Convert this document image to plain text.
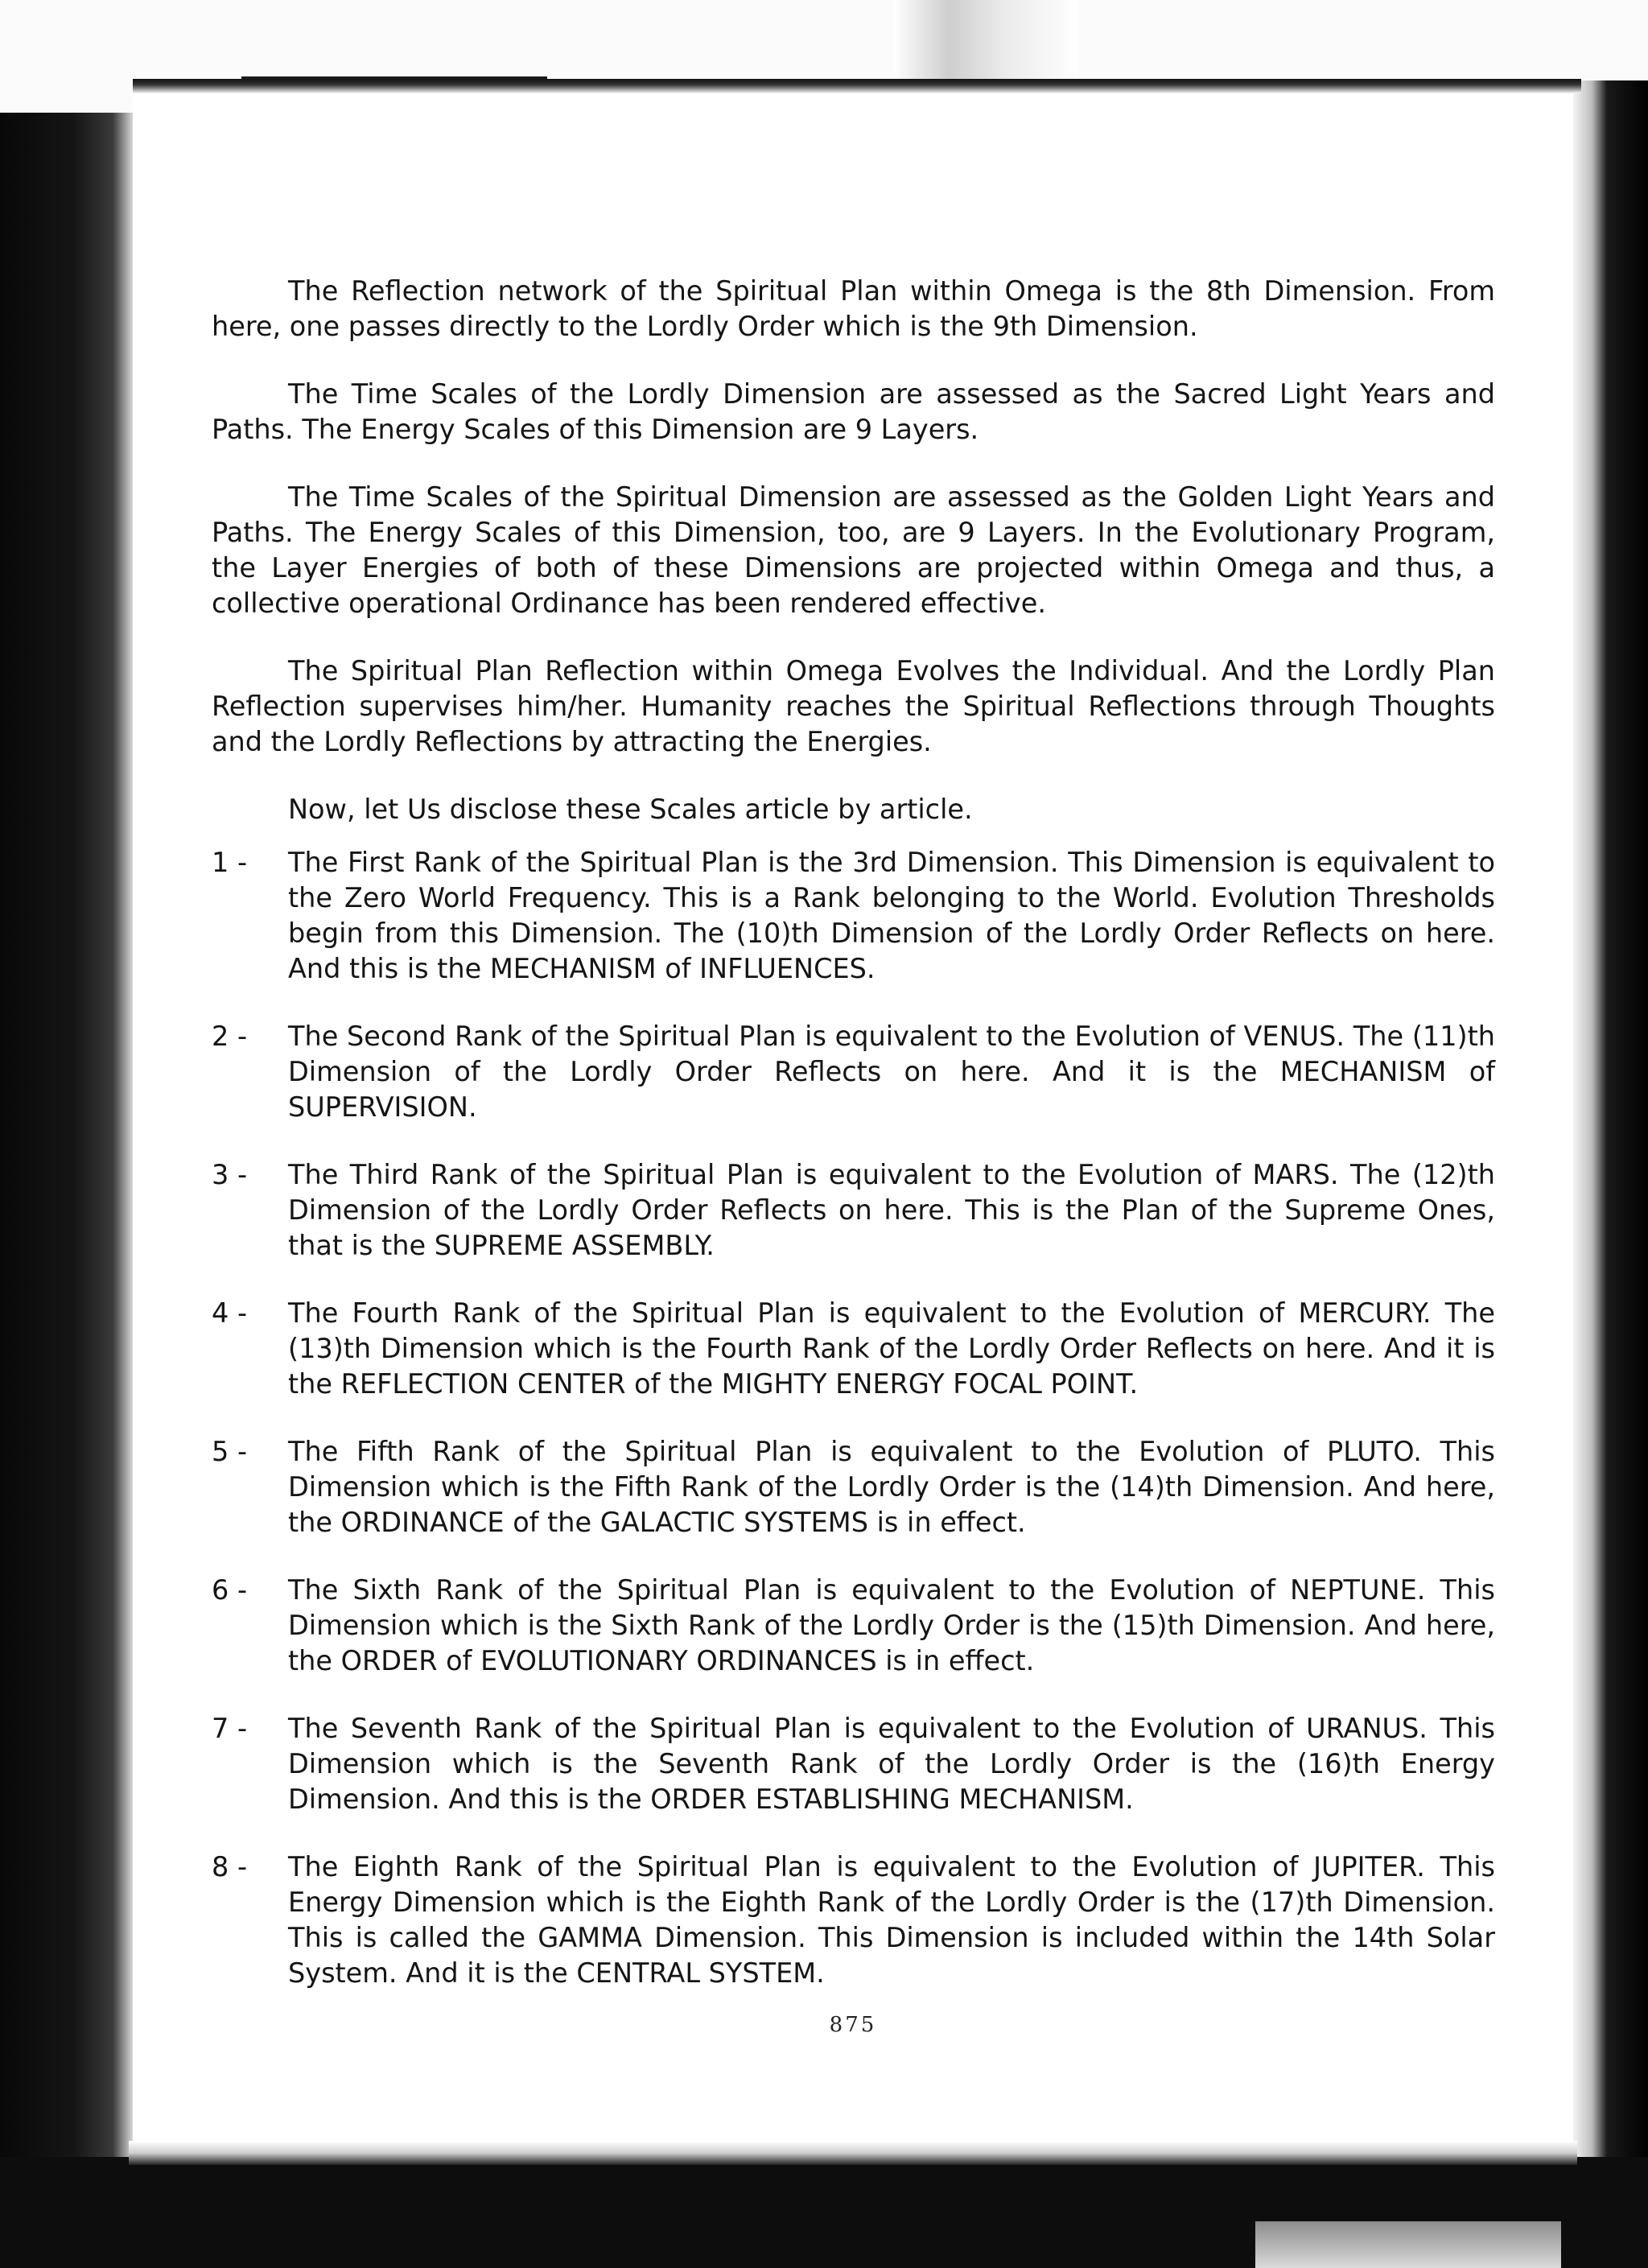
The Reflection network of the Spiritual Plan within Omega is the 8th Dimension. From here, one passes directly to the Lordly Order which is the 9th Dimension.

The Time Scales of the Lordly Dimension are assessed as the Sacred Light Years and Paths. The Energy Scales of this Dimension are 9 Layers.

The Time Scales of the Spiritual Dimension are assessed as the Golden Light Years and Paths. The Energy Scales of this Dimension, too, are 9 Layers. In the Evolutionary Program, the Layer Energies of both of these Dimensions are projected within Omega and thus, a collective operational Ordinance has been rendered effective.

The Spiritual Plan Reflection within Omega Evolves the Individual. And the Lordly Plan Reflection supervises him/her. Humanity reaches the Spiritual Reflections through Thoughts and the Lordly Reflections by attracting the Energies.

Now, let Us disclose these Scales article by article.

1 -	The First Rank of the Spiritual Plan is the 3rd Dimension. This Dimension is equivalent to the Zero World Frequency. This is a Rank belonging to the World. Evolution Thresholds begin from this Dimension. The (10)th Dimension of the Lordly Order Reflects on here. And this is the MECHANISM of INFLUENCES.
2 -	The Second Rank of the Spiritual Plan is equivalent to the Evolution of VENUS. The (11)th Dimension of the Lordly Order Reflects on here. And it is the MECHANISM of SUPERVISION.
3 -	The Third Rank of the Spiritual Plan is equivalent to the Evolution of MARS. The (12)th Dimension of the Lordly Order Reflects on here. This is the Plan of the Supreme Ones, that is the SUPREME ASSEMBLY.
4 -	The Fourth Rank of the Spiritual Plan is equivalent to the Evolution of MERCURY. The (13)th Dimension which is the Fourth Rank of the Lordly Order Reflects on here. And it is the REFLECTION CENTER of the MIGHTY ENERGY FOCAL POINT.
5 -	The Fifth Rank of the Spiritual Plan is equivalent to the Evolution of PLUTO. This Dimension which is the Fifth Rank of the Lordly Order is the (14)th Dimension. And here, the ORDINANCE of the GALACTIC SYSTEMS is in effect.
6 -	The Sixth Rank of the Spiritual Plan is equivalent to the Evolution of NEPTUNE. This Dimension which is the Sixth Rank of the Lordly Order is the (15)th Dimension. And here, the ORDER of EVOLUTIONARY ORDINANCES is in effect.
7 -	The Seventh Rank of the Spiritual Plan is equivalent to the Evolution of URANUS. This Dimension which is the Seventh Rank of the Lordly Order is the (16)th Energy Dimension. And this is the ORDER ESTABLISHING MECHANISM.
8 -	The Eighth Rank of the Spiritual Plan is equivalent to the Evolution of JUPITER. This Energy Dimension which is the Eighth Rank of the Lordly Order is the (17)th Dimension. This is called the GAMMA Dimension. This Dimension is included within the 14th Solar System. And it is the CENTRAL SYSTEM.
875
